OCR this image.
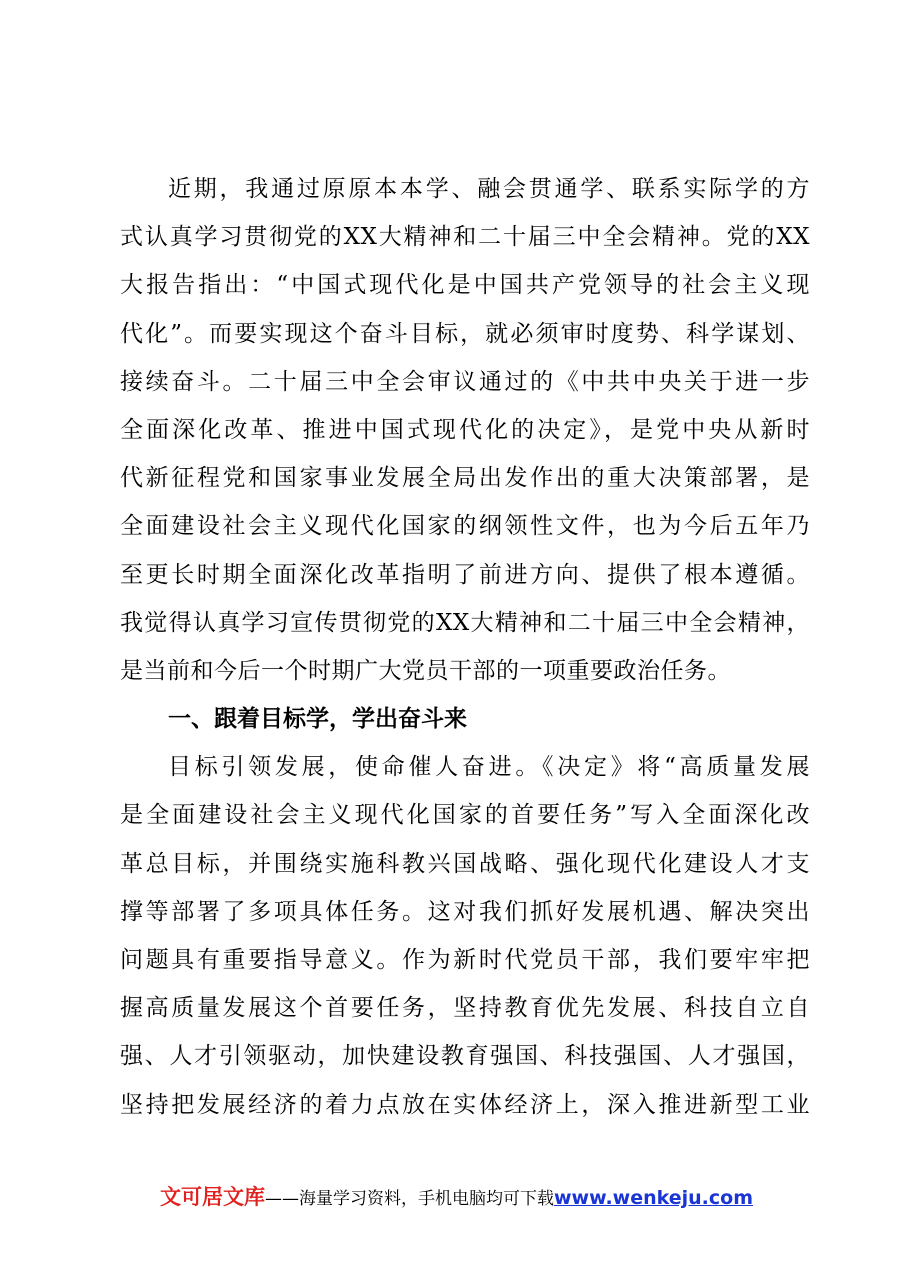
近期，我通过原原本本学、融会贯通学、联系实际学的方
式认真学习贯彻党的XX大精神和二十届三中全会精神。党的XX
大报告指出：“中国式现代化是中国共产党领导的社会主义现
代化”。而要实现这个奋斗目标，就必须审时度势、科学谋划、
接续奋斗。二十届三中全会审议通过的《中共中央关于进一步
全面深化改革、推进中国式现代化的决定》，是党中央从新时
代新征程党和国家事业发展全局出发作出的重大决策部署，是
全面建设社会主义现代化国家的纲领性文件，也为今后五年乃
至更长时期全面深化改革指明了前进方向、提供了根本遵循。
我觉得认真学习宣传贯彻党的XX大精神和二十届三中全会精神，
是当前和今后一个时期广大党员干部的一项重要政治任务。
一、跟着目标学，学出奋斗来
目标引领发展，使命催人奋进。《决定》将“高质量发展
是全面建设社会主义现代化国家的首要任务”写入全面深化改
革总目标，并围绕实施科教兴国战略、强化现代化建设人才支
撑等部署了多项具体任务。这对我们抓好发展机遇、解决突出
问题具有重要指导意义。作为新时代党员干部，我们要牢牢把
握高质量发展这个首要任务，坚持教育优先发展、科技自立自
强、人才引领驱动，加快建设教育强国、科技强国、人才强国，
坚持把发展经济的着力点放在实体经济上，深入推进新型工业
文可居文库——海量学习资料，手机电脑均可下载www.wenkeju.com
